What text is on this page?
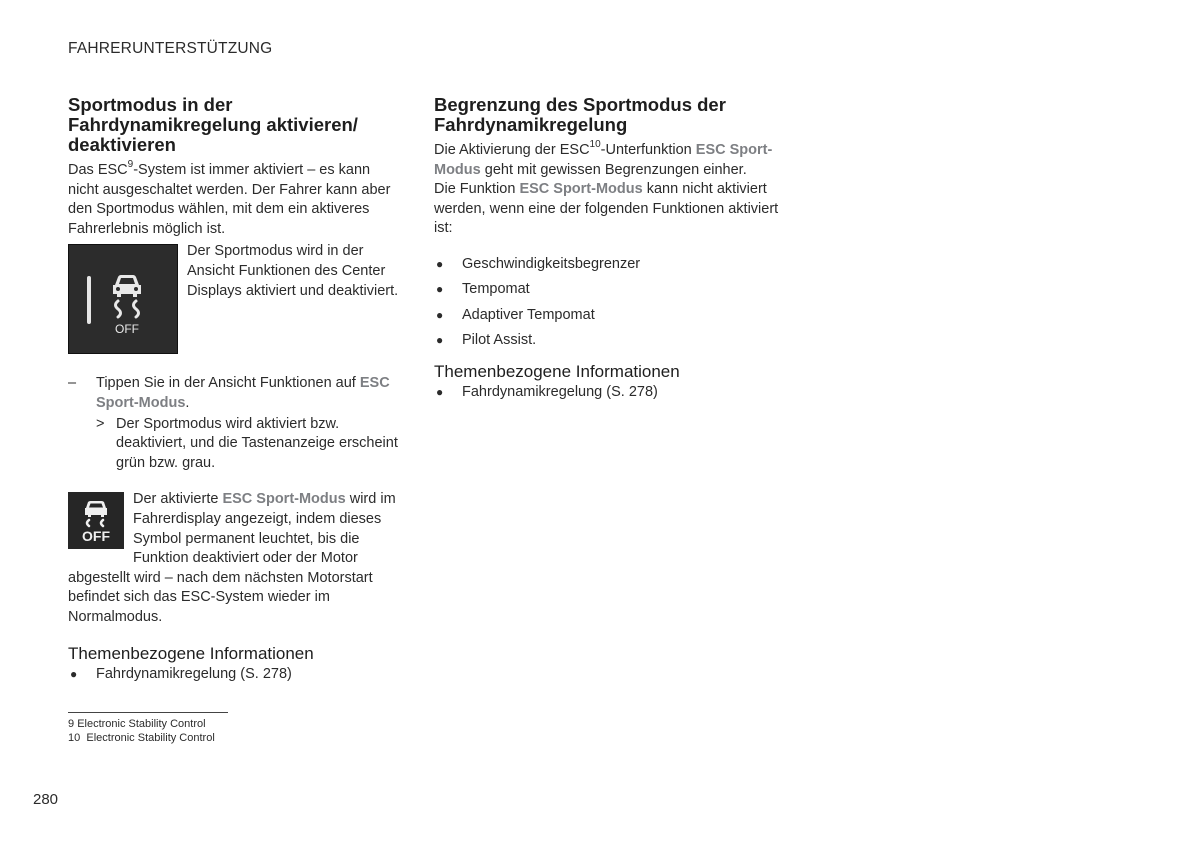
FAHRERUNTERSTÜTZUNG
Sportmodus in der Fahrdynamikregelung aktivieren/ deaktivieren

Das ESC$^9$-System ist immer aktiviert – es kann nicht ausgeschaltet werden. Der Fahrer kann aber den Sportmodus wählen, mit dem ein aktiveres Fahrerlebnis möglich ist.

OFF

Der Sportmodus wird in der Ansicht Funktionen des Center Displays aktiviert und deaktiviert.

– Tippen Sie in der Ansicht Funktionen auf ESC Sport-Modus.

> Der Sportmodus wird aktiviert bzw. deaktiviert, und die Tastenanzeige erscheint grün bzw. grau.

OFF

Der aktivierte ESC Sport-Modus wird im Fahrerdisplay angezeigt, indem dieses Symbol permanent leuchtet, bis die Funktion deaktiviert oder der Motor abgestellt wird – nach dem nächsten Motorstart befindet sich das ESC-System wieder im Normalmodus.

Themenbezogene Informationen
● Fahrdynamikregelung (S. 278)
Begrenzung des Sportmodus der Fahrdynamikregelung

Die Aktivierung der ESC$^{10}$-Unterfunktion ESC Sport-Modus geht mit gewissen Begrenzungen einher.

Die Funktion ESC Sport-Modus kann nicht aktiviert werden, wenn eine der folgenden Funktionen aktiviert ist:

● Geschwindigkeitsbegrenzer
● Tempomat
● Adaptiver Tempomat
● Pilot Assist.
Themenbezogene Informationen
● Fahrdynamikregelung (S. 278)
9 Electronic Stability Control
10 Electronic Stability Control
280
